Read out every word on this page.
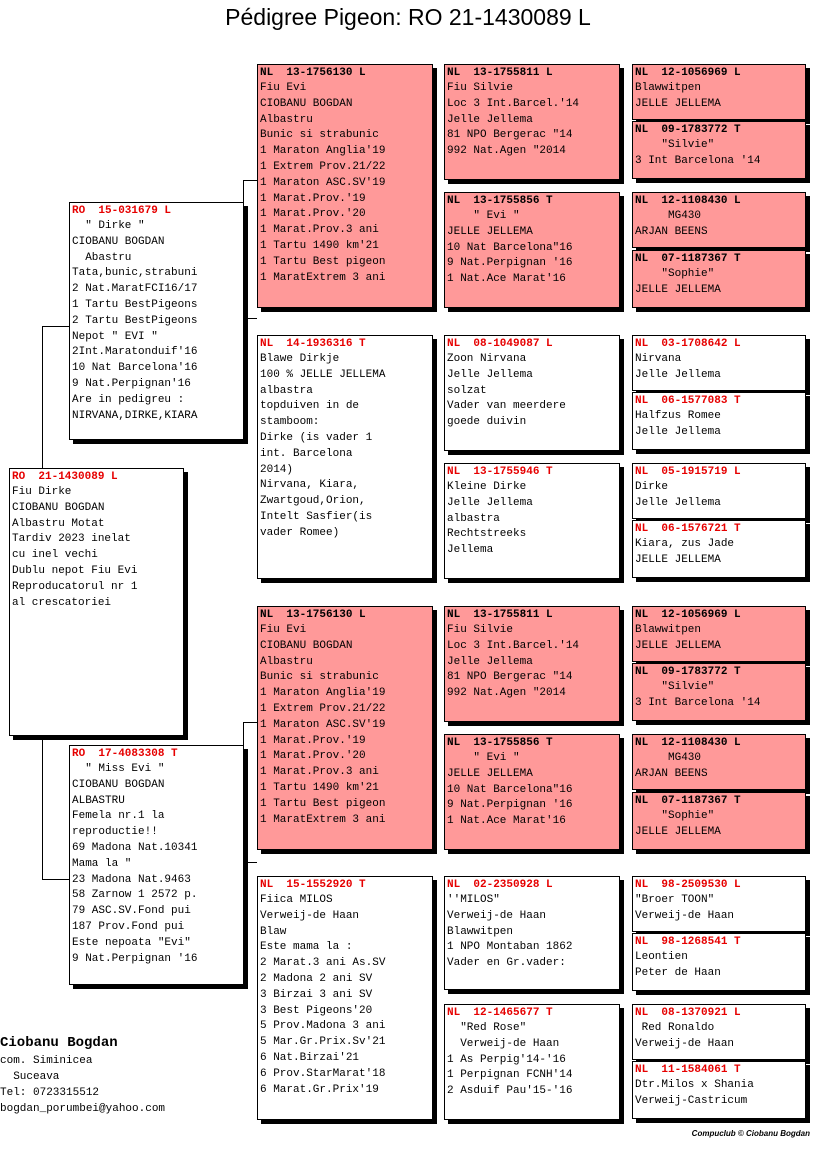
Pédigree Pigeon: RO 21-1430089 L
RO  21-1430089 L
Fiu Dirke
CIOBANU BOGDAN
Albastru Motat
Tardiv 2023 inelat
cu inel vechi
Dublu nepot Fiu Evi
Reproducatorul nr 1
al crescatoriei
RO  15-031679 L
" Dirke "
CIOBANU BOGDAN
Abastru
Tata,bunic,strabuni
2 Nat.MaratFCI16/17
1 Tartu BestPigeons
2 Tartu BestPigeons
Nepot " EVI "
2Int.Maratonduif'16
10 Nat Barcelona'16
9 Nat.Perpignan'16
Are in pedigreu :
NIRVANA,DIRKE,KIARA
RO  17-4083308 T
" Miss Evi "
CIOBANU BOGDAN
ALBASTRU
Femela nr.1 la
reproductie!!
69 Madona Nat.10341
Mama la "
23 Madona Nat.9463
58 Zarnow 1 2572 p.
79 ASC.SV.Fond pui
187 Prov.Fond pui
Este nepoata "Evi"
9 Nat.Perpignan '16
NL  13-1756130 L
Fiu Evi
CIOBANU BOGDAN
Albastru
Bunic si strabunic
1 Maraton Anglia'19
1 Extrem Prov.21/22
1 Maraton ASC.SV'19
1 Marat.Prov.'19
1 Marat.Prov.'20
1 Marat.Prov.3 ani
1 Tartu 1490 km'21
1 Tartu Best pigeon
1 MaratExtrem 3 ani
NL  14-1936316 T
Blawe Dirkje
100 % JELLE JELLEMA
albastra
topduiven in de
stamboom:
Dirke (is vader 1
int. Barcelona
2014)
Nirvana, Kiara,
Zwartgoud,Orion,
Intelt Sasfier(is
vader Romee)
NL  13-1756130 L
Fiu Evi
CIOBANU BOGDAN
Albastru
Bunic si strabunic
1 Maraton Anglia'19
1 Extrem Prov.21/22
1 Maraton ASC.SV'19
1 Marat.Prov.'19
1 Marat.Prov.'20
1 Marat.Prov.3 ani
1 Tartu 1490 km'21
1 Tartu Best pigeon
1 MaratExtrem 3 ani
NL  15-1552920 T
Fiica MILOS
Verweij-de Haan
Blaw
Este mama la :
2 Marat.3 ani As.SV
2 Madona 2 ani SV
3 Birzai 3 ani SV
3 Best Pigeons'20
5 Prov.Madona 3 ani
5 Mar.Gr.Prix.Sv'21
6 Nat.Birzai'21
6 Prov.StarMarat'18
6 Marat.Gr.Prix'19
NL  13-1755811 L
Fiu Silvie
Loc 3 Int.Barcel.'14
Jelle Jellema
81 NPO Bergerac "14
992 Nat.Agen "2014
NL  13-1755856 T
" Evi "
JELLE JELLEMA
10 Nat Barcelona"16
9 Nat.Perpignan '16
1 Nat.Ace Marat'16
NL  08-1049087 L
Zoon Nirvana
Jelle Jellema
solzat
Vader van meerdere
goede duivin
NL  13-1755946 T
Kleine Dirke
Jelle Jellema
albastra
Rechtstreeks
Jellema
NL  13-1755811 L
Fiu Silvie
Loc 3 Int.Barcel.'14
Jelle Jellema
81 NPO Bergerac "14
992 Nat.Agen "2014
NL  13-1755856 T
" Evi "
JELLE JELLEMA
10 Nat Barcelona"16
9 Nat.Perpignan '16
1 Nat.Ace Marat'16
NL  02-2350928 L
''MILOS"
Verweij-de Haan
Blawwitpen
1 NPO Montaban 1862
Vader en Gr.vader:
NL  12-1465677 T
"Red Rose"
Verweij-de Haan
1 As Perpig'14-'16
1 Perpignan FCNH'14
2 Asduif Pau'15-'16
NL  12-1056969 L
Blawwitpen
JELLE JELLEMA
NL  09-1783772 T
"Silvie"
3 Int Barcelona '14
NL  12-1108430 L
MG430
ARJAN BEENS
NL  07-1187367 T
"Sophie"
JELLE JELLEMA
NL  03-1708642 L
Nirvana
Jelle Jellema
NL  06-1577083 T
Halfzus Romee
Jelle Jellema
NL  05-1915719 L
Dirke
Jelle Jellema
NL  06-1576721 T
Kiara, zus Jade
JELLE JELLEMA
NL  12-1056969 L
Blawwitpen
JELLE JELLEMA
NL  09-1783772 T
"Silvie"
3 Int Barcelona '14
NL  12-1108430 L
MG430
ARJAN BEENS
NL  07-1187367 T
"Sophie"
JELLE JELLEMA
NL  98-2509530 L
"Broer TOON"
Verweij-de Haan
NL  98-1268541 T
Leontien
Peter de Haan
NL  08-1370921 L
Red Ronaldo
Verweij-de Haan
NL  11-1584061 T
Dtr.Milos x Shania
Verweij-Castricum
Ciobanu Bogdan
com. Siminicea
Suceava
Tel: 0723315512
bogdan_porumbei@yahoo.com
Compuclub © Ciobanu Bogdan
